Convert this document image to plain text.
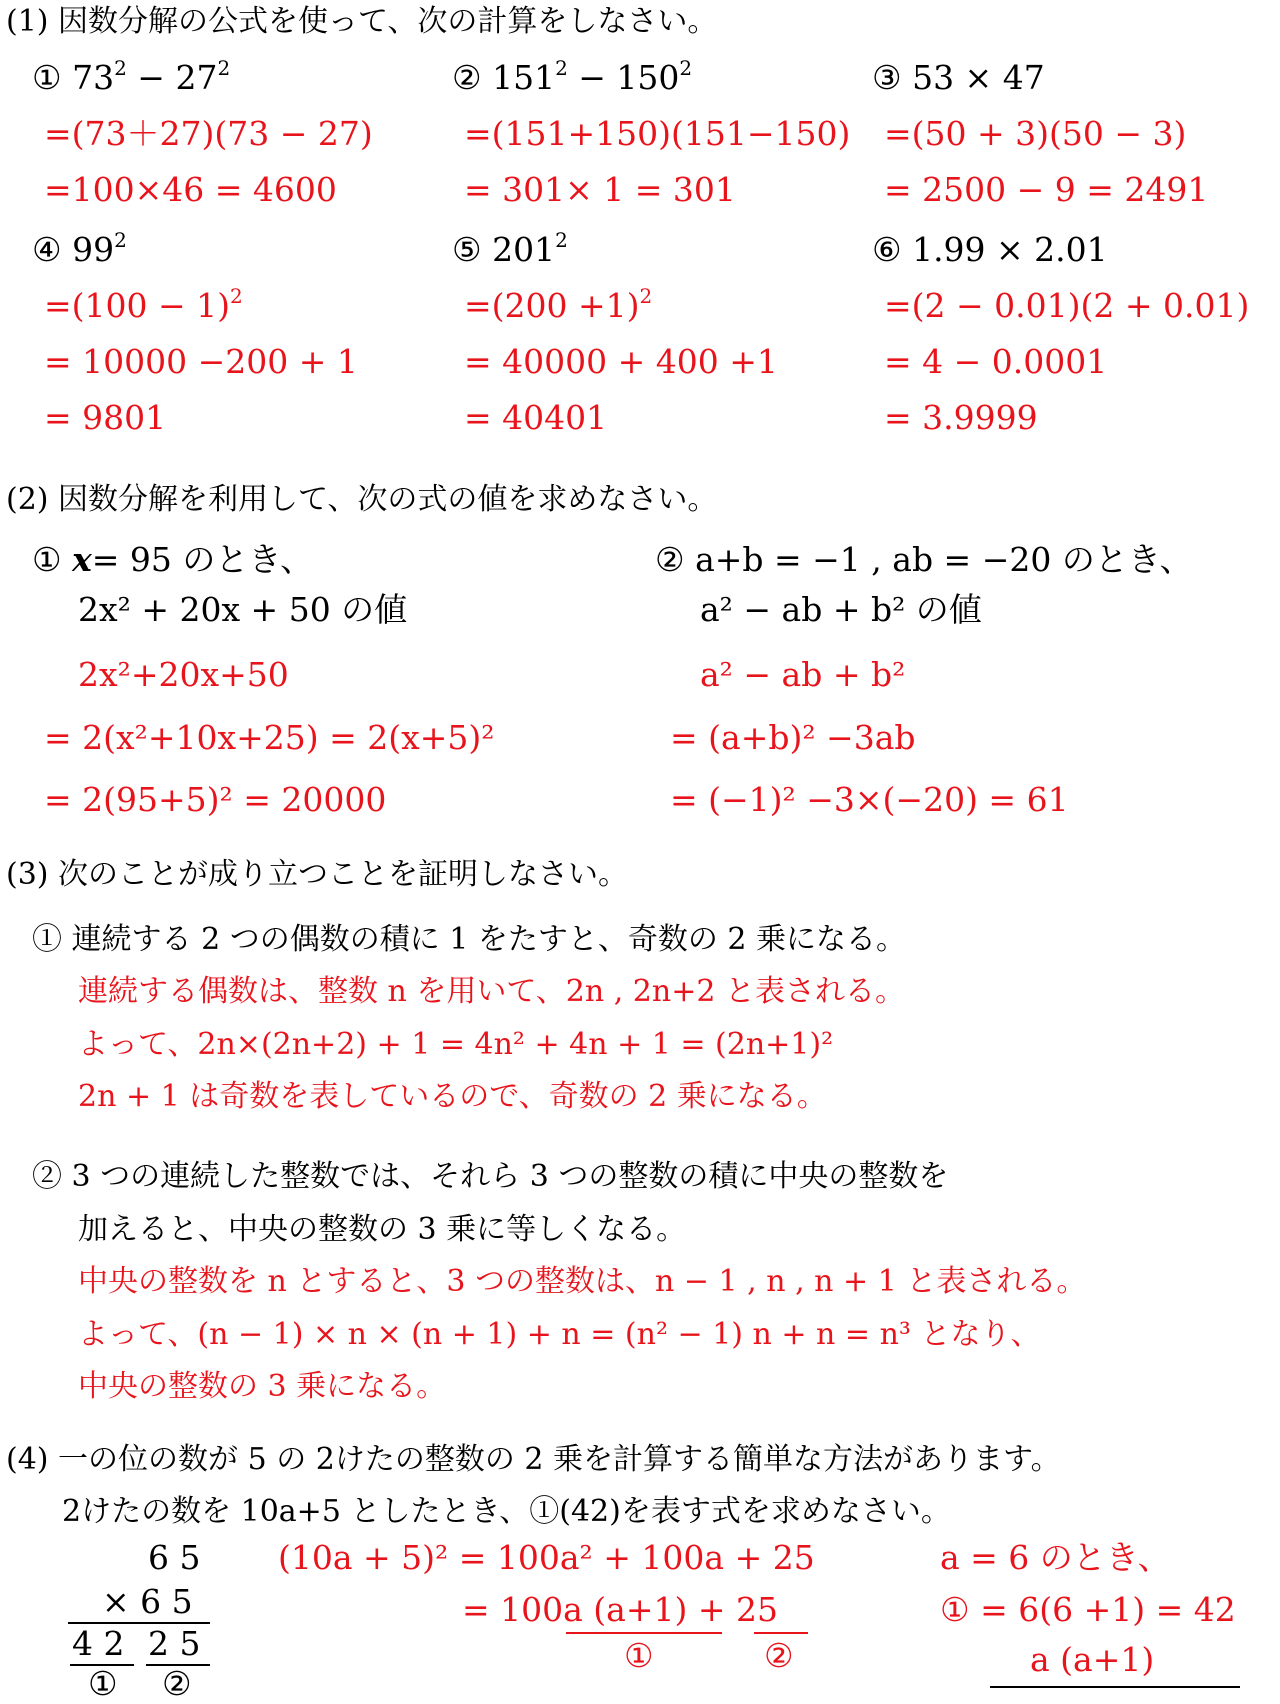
(1) 因数分解の公式を使って、次の計算をしなさい。
① $73^2 - 27^2$
=(73＋27)(73 − 27)
=100×46 = 4600
② $151^2 - 150^2$
=(151+150)(151−150)
= 301× 1 = 301
③ 53 × 47
=(50 + 3)(50 − 3)
= 2500 − 9 = 2491
④ $99^2$
$=(100 - 1)^2$
= 10000 −200 + 1
= 9801
⑤ $201^2$
$=(200 +1)^2$
= 40000 + 400 +1
= 40401
⑥ 1.99 × 2.01
=(2 − 0.01)(2 + 0.01)
= 4 − 0.0001
= 3.9999
(2) 因数分解を利用して、次の式の値を求めなさい。
① x= 95 のとき、
2x² + 20x + 50 の値
2x²+20x+50
= 2(x²+10x+25) = 2(x+5)²
= 2(95+5)² = 20000
② a+b = −1 , ab = −20 のとき、
a² − ab + b² の値
a² − ab + b²
= (a+b)² −3ab
= (−1)² −3×(−20) = 61
(3) 次のことが成り立つことを証明しなさい。
① 連続する 2 つの偶数の積に 1 をたすと、奇数の 2 乗になる。
連続する偶数は、整数 n を用いて、2n , 2n+2 と表される。
よって、2n×(2n+2) + 1 = 4n² + 4n + 1 = (2n+1)²
2n + 1 は奇数を表しているので、奇数の 2 乗になる。
② 3 つの連続した整数では、それら 3 つの整数の積に中央の整数を
加えると、中央の整数の 3 乗に等しくなる。
中央の整数を n とすると、3 つの整数は、n − 1 , n , n + 1 と表される。
よって、(n − 1) × n × (n + 1) + n = (n² − 1) n + n = n³ となり、
中央の整数の 3 乗になる。
(4) 一の位の数が 5 の 2けたの整数の 2 乗を計算する簡単な方法があります。
2けたの数を 10a+5 としたとき、①(42)を表す式を求めなさい。
6 5
× 6 5
4 2 2 5
① ②
(10a + 5)² = 100a² + 100a + 25
= 100a (a+1) + 25
①	②
a = 6 のとき、
① = 6(6 +1) = 42
a (a+1)
